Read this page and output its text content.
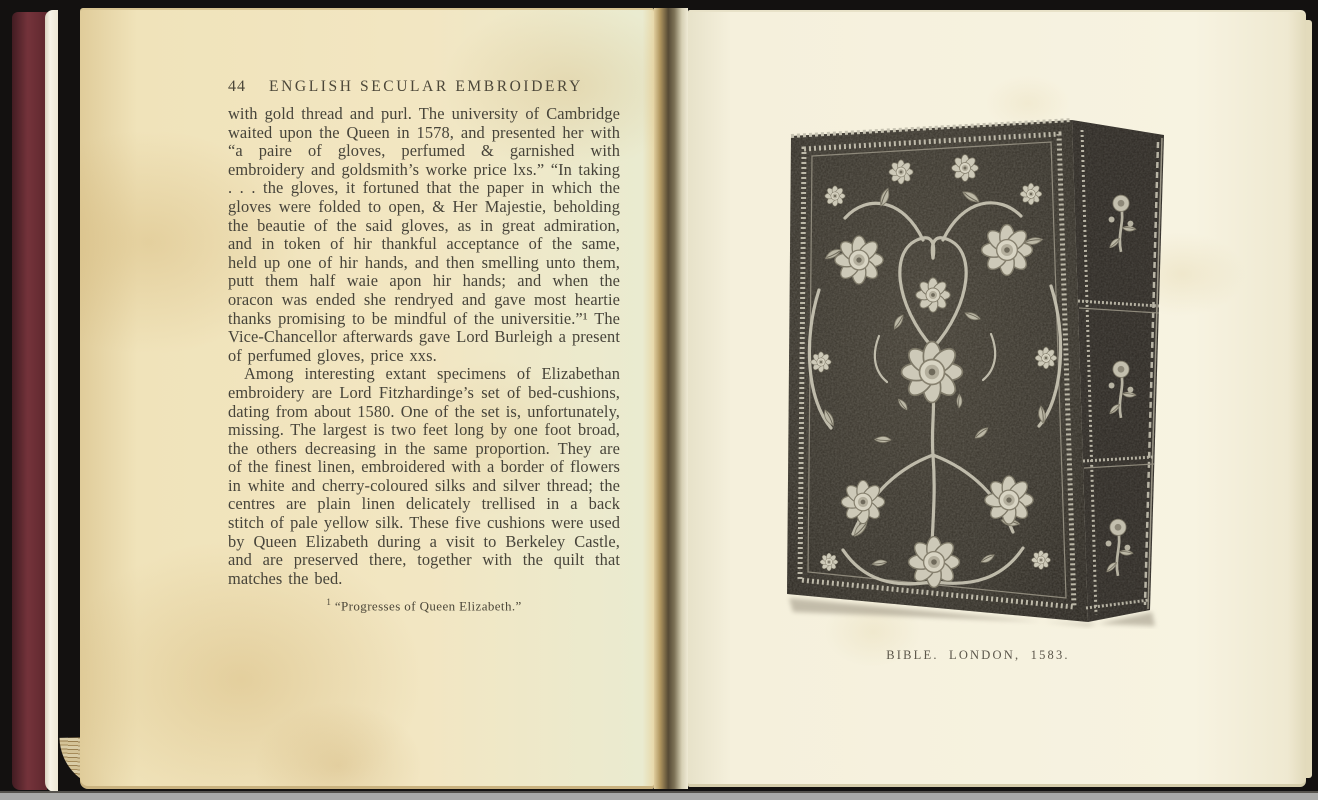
44	ENGLISH SECULAR EMBROIDERY

with gold thread and purl. The university of Cambridge waited upon the Queen in 1578, and presented her with “a paire of gloves, perfumed & garnished with embroidery and goldsmith’s worke price lxs.” “In taking . . . the gloves, it fortuned that the paper in which the gloves were folded to open, & Her Majestie, beholding the beautie of the said gloves, as in great admiration, and in token of hir thankful acceptance of the same, held up one of hir hands, and then smelling unto them, putt them half waie apon hir hands; and when the oracon was ended she rendryed and gave most heartie thanks promising to be mindful of the universitie.”¹ The Vice-Chancellor afterwards gave Lord Burleigh a present of perfumed gloves, price xxs.

Among interesting extant specimens of Elizabethan embroidery are Lord Fitzhardinge’s set of bed-cushions, dating from about 1580. One of the set is, unfortunately, missing. The largest is two feet long by one foot broad, the others decreasing in the same proportion. They are of the finest linen, embroidered with a border of flowers in white and cherry-coloured silks and silver thread; the centres are plain linen delicately trellised in a back stitch of pale yellow silk. These five cushions were used by Queen Elizabeth during a visit to Berkeley Castle, and are preserved there, together with the quilt that matches the bed.

$^1$ “Progresses of Queen Elizabeth.”
BIBLE. LONDON, 1583.
